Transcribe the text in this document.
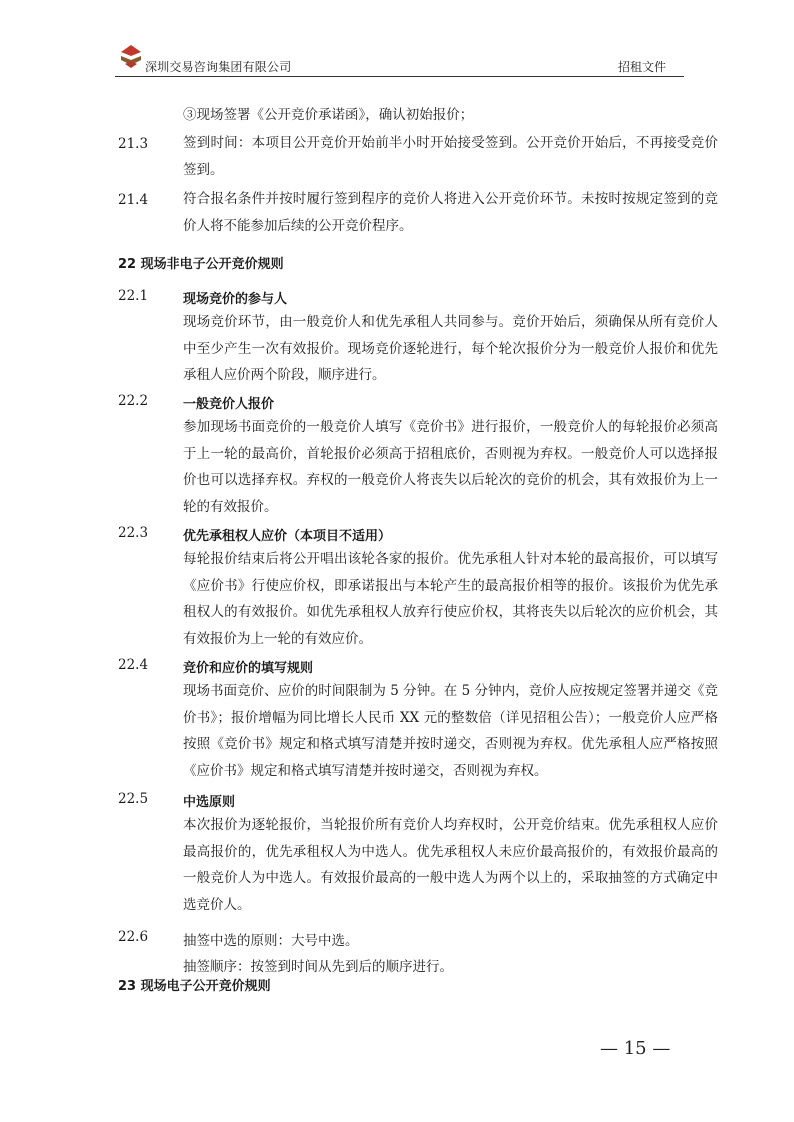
深圳交易咨询集团有限公司	招租文件
③现场签署《公开竞价承诺函》，确认初始报价；
21.3	签到时间：本项目公开竞价开始前半小时开始接受签到。公开竞价开始后，不再接受竞价签到。
21.4	符合报名条件并按时履行签到程序的竞价人将进入公开竞价环节。未按时按规定签到的竞价人将不能参加后续的公开竞价程序。
22 现场非电子公开竞价规则
22.1	现场竞价的参与人
现场竞价环节，由一般竞价人和优先承租人共同参与。竞价开始后，须确保从所有竞价人中至少产生一次有效报价。现场竞价逐轮进行，每个轮次报价分为一般竞价人报价和优先承租人应价两个阶段，顺序进行。
22.2	一般竞价人报价
参加现场书面竞价的一般竞价人填写《竞价书》进行报价，一般竞价人的每轮报价必须高于上一轮的最高价，首轮报价必须高于招租底价，否则视为弃权。一般竞价人可以选择报价也可以选择弃权。弃权的一般竞价人将丧失以后轮次的竞价的机会，其有效报价为上一轮的有效报价。
22.3	优先承租权人应价（本项目不适用）
每轮报价结束后将公开唱出该轮各家的报价。优先承租人针对本轮的最高报价，可以填写《应价书》行使应价权，即承诺报出与本轮产生的最高报价相等的报价。该报价为优先承租权人的有效报价。如优先承租权人放弃行使应价权，其将丧失以后轮次的应价机会，其有效报价为上一轮的有效应价。
22.4	竞价和应价的填写规则
现场书面竞价、应价的时间限制为 5 分钟。在 5 分钟内，竞价人应按规定签署并递交《竞价书》；报价增幅为同比增长人民币 XX 元的整数倍（详见招租公告）；一般竞价人应严格按照《竞价书》规定和格式填写清楚并按时递交，否则视为弃权。优先承租人应严格按照《应价书》规定和格式填写清楚并按时递交，否则视为弃权。
22.5	中选原则
本次报价为逐轮报价，当轮报价所有竞价人均弃权时，公开竞价结束。优先承租权人应价最高报价的，优先承租权人为中选人。优先承租权人未应价最高报价的，有效报价最高的一般竞价人为中选人。有效报价最高的一般中选人为两个以上的，采取抽签的方式确定中选竞价人。
22.6	抽签中选的原则：大号中选。
抽签顺序：按签到时间从先到后的顺序进行。
23 现场电子公开竞价规则
— 15 —
